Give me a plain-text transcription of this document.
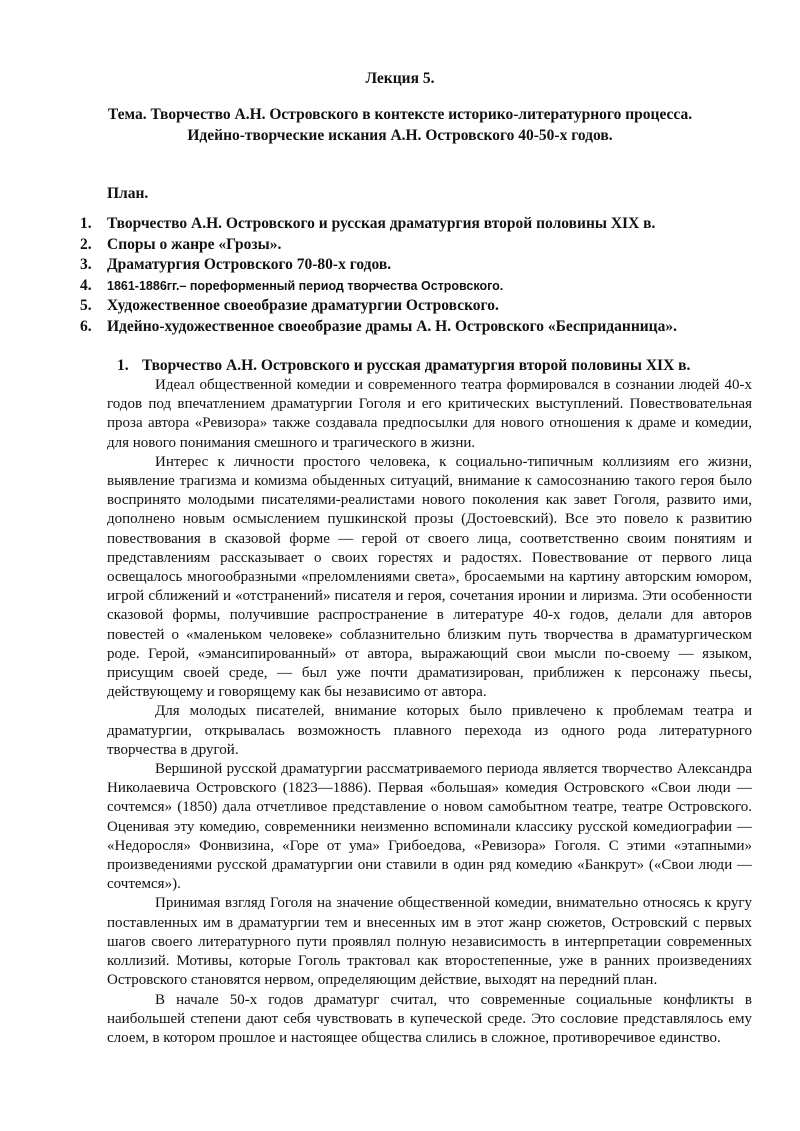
Лекция 5.
Тема. Творчество А.Н. Островского в контексте историко-литературного процесса.
Идейно-творческие искания А.Н. Островского 40-50-х годов.
План.
1. Творчество А.Н. Островского и русская драматургия второй половины XIX в.
2. Споры о жанре «Грозы».
3. Драматургия Островского 70-80-х годов.
4.	1861-1886гг.– пореформенный период творчества Островского.
5. Художественное своеобразие драматургии Островского.
6. Идейно-художественное своеобразие драмы А. Н. Островского «Бесприданница».
1. Творчество А.Н. Островского и русская драматургия второй половины XIX в.

Идеал общественной комедии и современного театра формировался в сознании людей 40-х годов под впечатлением драматургии Гоголя и его критических выступлений. Повествовательная проза автора «Ревизора» также создавала предпосылки для нового отношения к драме и комедии, для нового понимания смешного и трагического в жизни.

Интерес к личности простого человека, к социально-типичным коллизиям его жизни, выявление трагизма и комизма обыденных ситуаций, внимание к самосознанию такого героя было воспринято молодыми писателями-реалистами нового поколения как завет Гоголя, развито ими, дополнено новым осмыслением пушкинской прозы (Достоевский). Все это повело к развитию повествования в сказовой форме — герой от своего лица, соответственно своим понятиям и представлениям рассказывает о своих горестях и радостях. Повествование от первого лица освещалось многообразными «преломлениями света», бросаемыми на картину авторским юмором, игрой сближений и «отстранений» писателя и героя, сочетания иронии и лиризма. Эти особенности сказовой формы, получившие распространение в литературе 40-х годов, делали для авторов повестей о «маленьком человеке» соблазнительно близким путь творчества в драматургическом роде. Герой, «эмансипированный» от автора, выражающий свои мысли по-своему — языком, присущим своей среде, — был уже почти драматизирован, приближен к персонажу пьесы, действующему и говорящему как бы независимо от автора.

Для молодых писателей, внимание которых было привлечено к проблемам театра и драматургии, открывалась возможность плавного перехода из одного рода литературного творчества в другой.

Вершиной русской драматургии рассматриваемого периода является творчество Александра Николаевича Островского (1823—1886). Первая «большая» комедия Островского «Свои люди — сочтемся» (1850) дала отчетливое представление о новом самобытном театре, театре Островского. Оценивая эту комедию, современники неизменно вспоминали классику русской комедиографии — «Недоросля» Фонвизина, «Горе от ума» Грибоедова, «Ревизора» Гоголя. С этими «этапными» произведениями русской драматургии они ставили в один ряд комедию «Банкрут» («Свои люди — сочтемся»).

Принимая взгляд Гоголя на значение общественной комедии, внимательно относясь к кругу поставленных им в драматургии тем и внесенных им в этот жанр сюжетов, Островский с первых шагов своего литературного пути проявлял полную независимость в интерпретации современных коллизий. Мотивы, которые Гоголь трактовал как второстепенные, уже в ранних произведениях Островского становятся нервом, определяющим действие, выходят на передний план.

В начале 50-х годов драматург считал, что современные социальные конфликты в наибольшей степени дают себя чувствовать в купеческой среде. Это сословие представлялось ему слоем, в котором прошлое и настоящее общества слились в сложное, противоречивое единство.
